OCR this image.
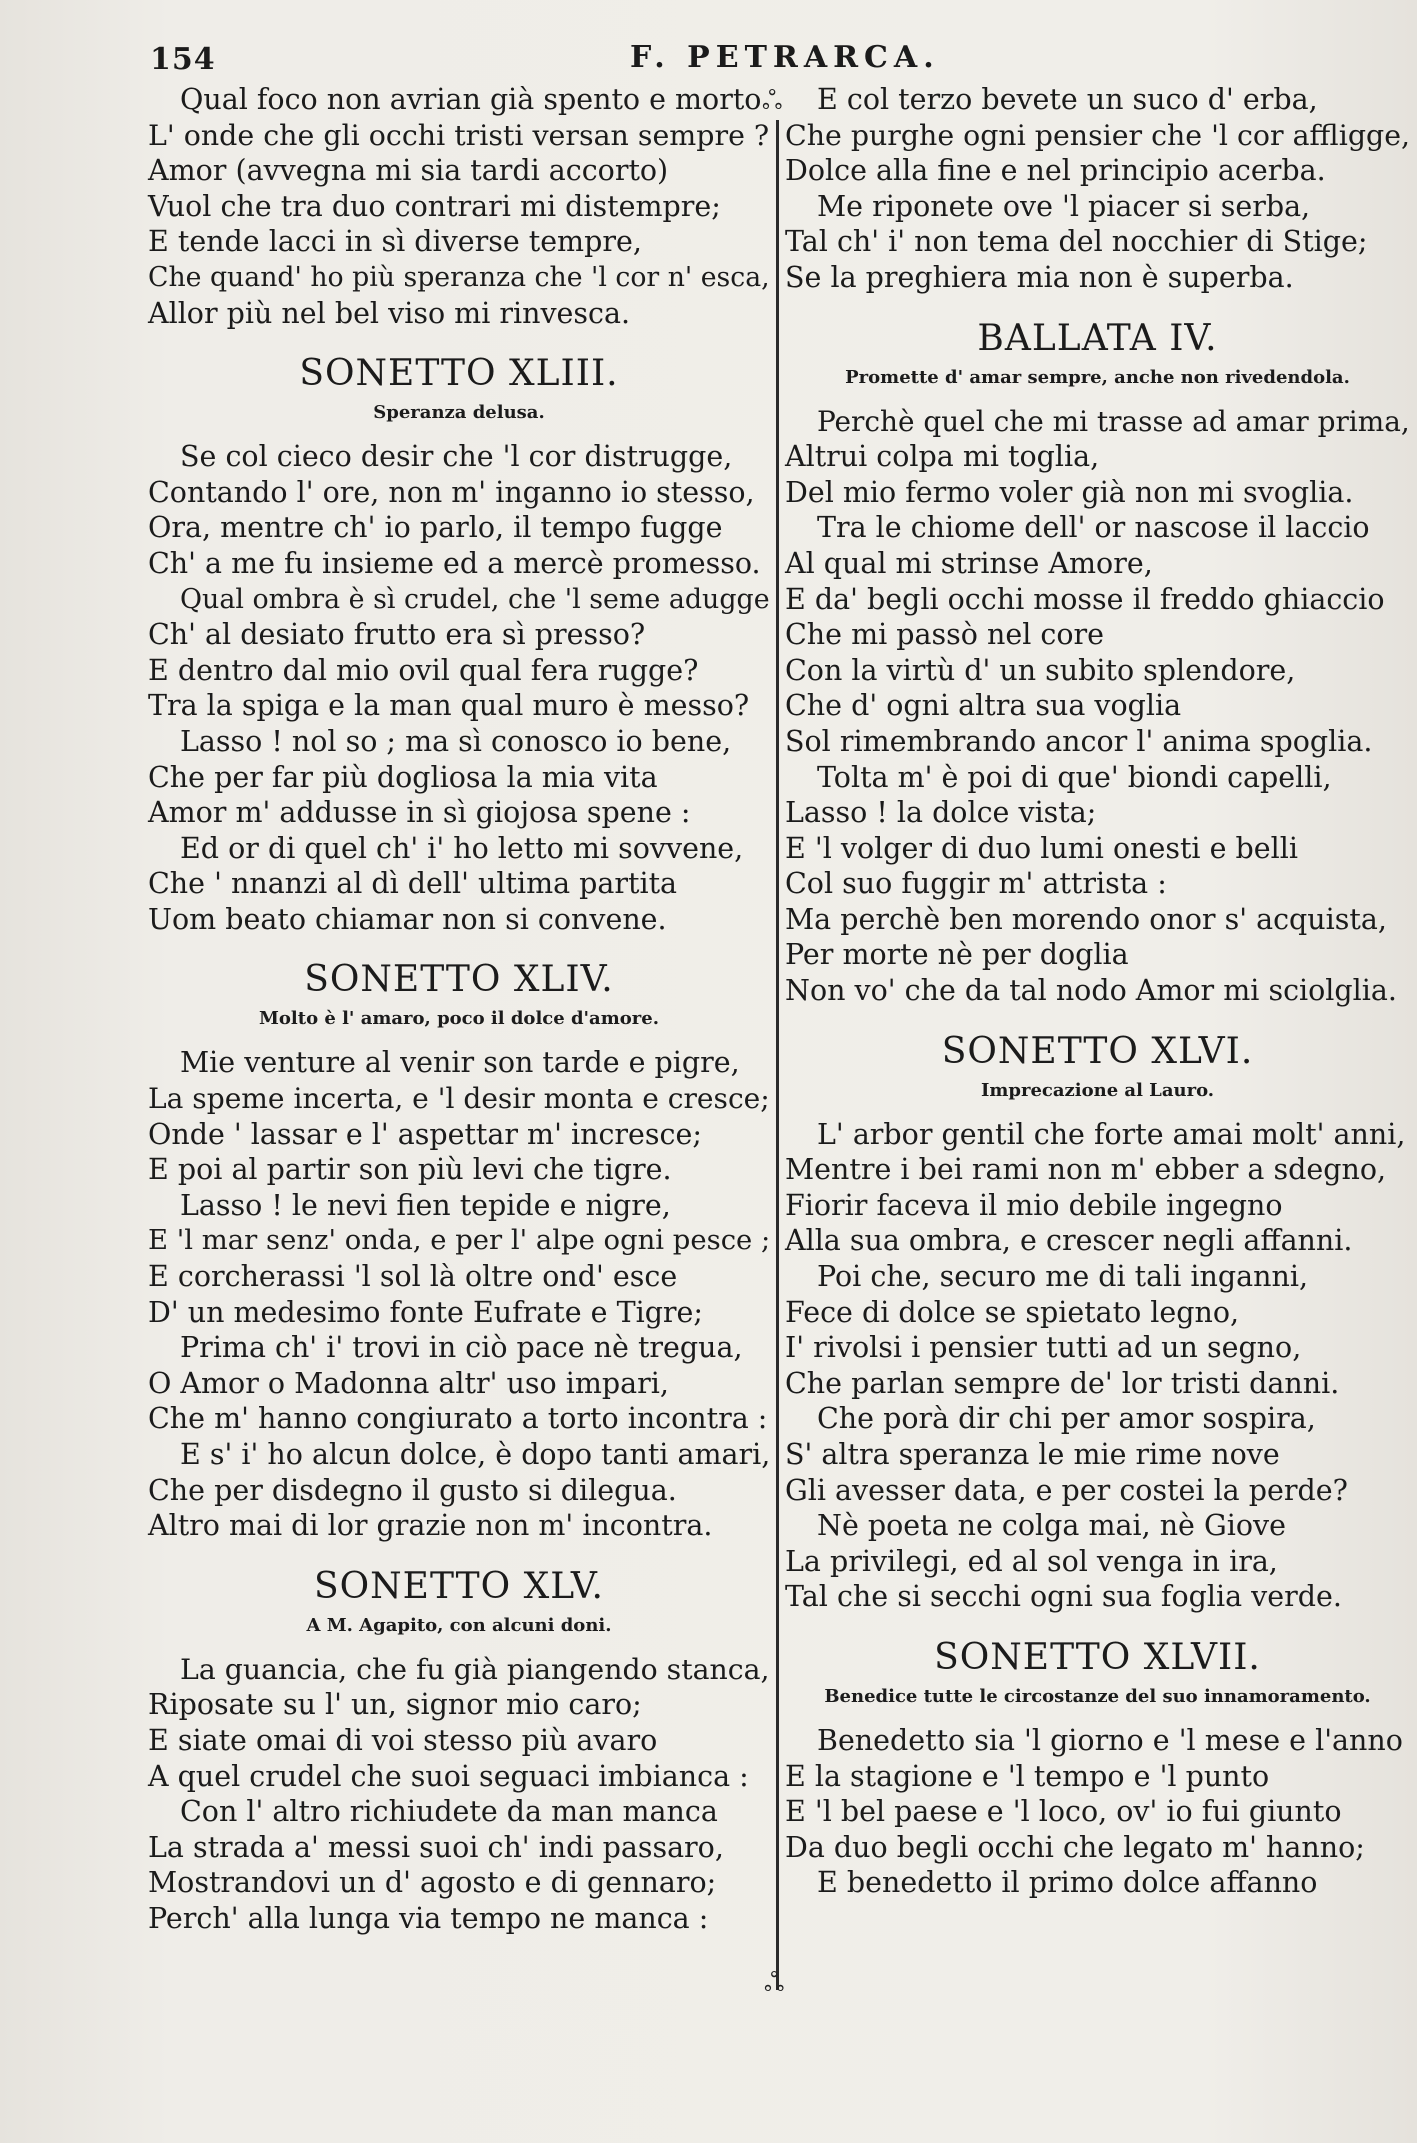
154	F. PETRARCA.
ஃ
ஃ
Qual foco non avrian già spento e morto
L' onde che gli occhi tristi versan sempre ?
Amor (avvegna mi sia tardi accorto)
Vuol che tra duo contrari mi distempre;
E tende lacci in sì diverse tempre,
Che quand' ho più speranza che 'l cor n' esca,
Allor più nel bel viso mi rinvesca.
SONETTO XLIII.
Speranza delusa.
Se col cieco desir che 'l cor distrugge,
Contando l' ore, non m' inganno io stesso,
Ora, mentre ch' io parlo, il tempo fugge
Ch' a me fu insieme ed a mercè promesso.
Qual ombra è sì crudel, che 'l seme adugge
Ch' al desiato frutto era sì presso?
E dentro dal mio ovil qual fera rugge?
Tra la spiga e la man qual muro è messo?
Lasso ! nol so ; ma sì conosco io bene,
Che per far più dogliosa la mia vita
Amor m' addusse in sì giojosa spene :
Ed or di quel ch' i' ho letto mi sovvene,
Che ' nnanzi al dì dell' ultima partita
Uom beato chiamar non si convene.
SONETTO XLIV.
Molto è l' amaro, poco il dolce d'amore.
Mie venture al venir son tarde e pigre,
La speme incerta, e 'l desir monta e cresce;
Onde ' lassar e l' aspettar m' incresce;
E poi al partir son più levi che tigre.
Lasso ! le nevi fien tepide e nigre,
E 'l mar senz' onda, e per l' alpe ogni pesce ;
E corcherassi 'l sol là oltre ond' esce
D' un medesimo fonte Eufrate e Tigre;
Prima ch' i' trovi in ciò pace nè tregua,
O Amor o Madonna altr' uso impari,
Che m' hanno congiurato a torto incontra :
E s' i' ho alcun dolce, è dopo tanti amari,
Che per disdegno il gusto si dilegua.
Altro mai di lor grazie non m' incontra.
SONETTO XLV.
A M. Agapito, con alcuni doni.
La guancia, che fu già piangendo stanca,
Riposate su l' un, signor mio caro;
E siate omai di voi stesso più avaro
A quel crudel che suoi seguaci imbianca :
Con l' altro richiudete da man manca
La strada a' messi suoi ch' indi passaro,
Mostrandovi un d' agosto e di gennaro;
Perch' alla lunga via tempo ne manca :
E col terzo bevete un suco d' erba,
Che purghe ogni pensier che 'l cor affligge,
Dolce alla fine e nel principio acerba.
Me riponete ove 'l piacer si serba,
Tal ch' i' non tema del nocchier di Stige;
Se la preghiera mia non è superba.
BALLATA IV.
Promette d' amar sempre, anche non rivedendola.
Perchè quel che mi trasse ad amar prima,
Altrui colpa mi toglia,
Del mio fermo voler già non mi svoglia.
Tra le chiome dell' or nascose il laccio
Al qual mi strinse Amore,
E da' begli occhi mosse il freddo ghiaccio
Che mi passò nel core
Con la virtù d' un subito splendore,
Che d' ogni altra sua voglia
Sol rimembrando ancor l' anima spoglia.
Tolta m' è poi di que' biondi capelli,
Lasso ! la dolce vista;
E 'l volger di duo lumi onesti e belli
Col suo fuggir m' attrista :
Ma perchè ben morendo onor s' acquista,
Per morte nè per doglia
Non vo' che da tal nodo Amor mi sciolglia.
SONETTO XLVI.
Imprecazione al Lauro.
L' arbor gentil che forte amai molt' anni,
Mentre i bei rami non m' ebber a sdegno,
Fiorir faceva il mio debile ingegno
Alla sua ombra, e crescer negli affanni.
Poi che, securo me di tali inganni,
Fece di dolce se spietato legno,
I' rivolsi i pensier tutti ad un segno,
Che parlan sempre de' lor tristi danni.
Che porà dir chi per amor sospira,
S' altra speranza le mie rime nove
Gli avesser data, e per costei la perde?
Nè poeta ne colga mai, nè Giove
La privilegi, ed al sol venga in ira,
Tal che si secchi ogni sua foglia verde.
SONETTO XLVII.
Benedice tutte le circostanze del suo innamoramento.
Benedetto sia 'l giorno e 'l mese e l'anno
E la stagione e 'l tempo e 'l punto
E 'l bel paese e 'l loco, ov' io fui giunto
Da duo begli occhi che legato m' hanno;
E benedetto il primo dolce affanno
